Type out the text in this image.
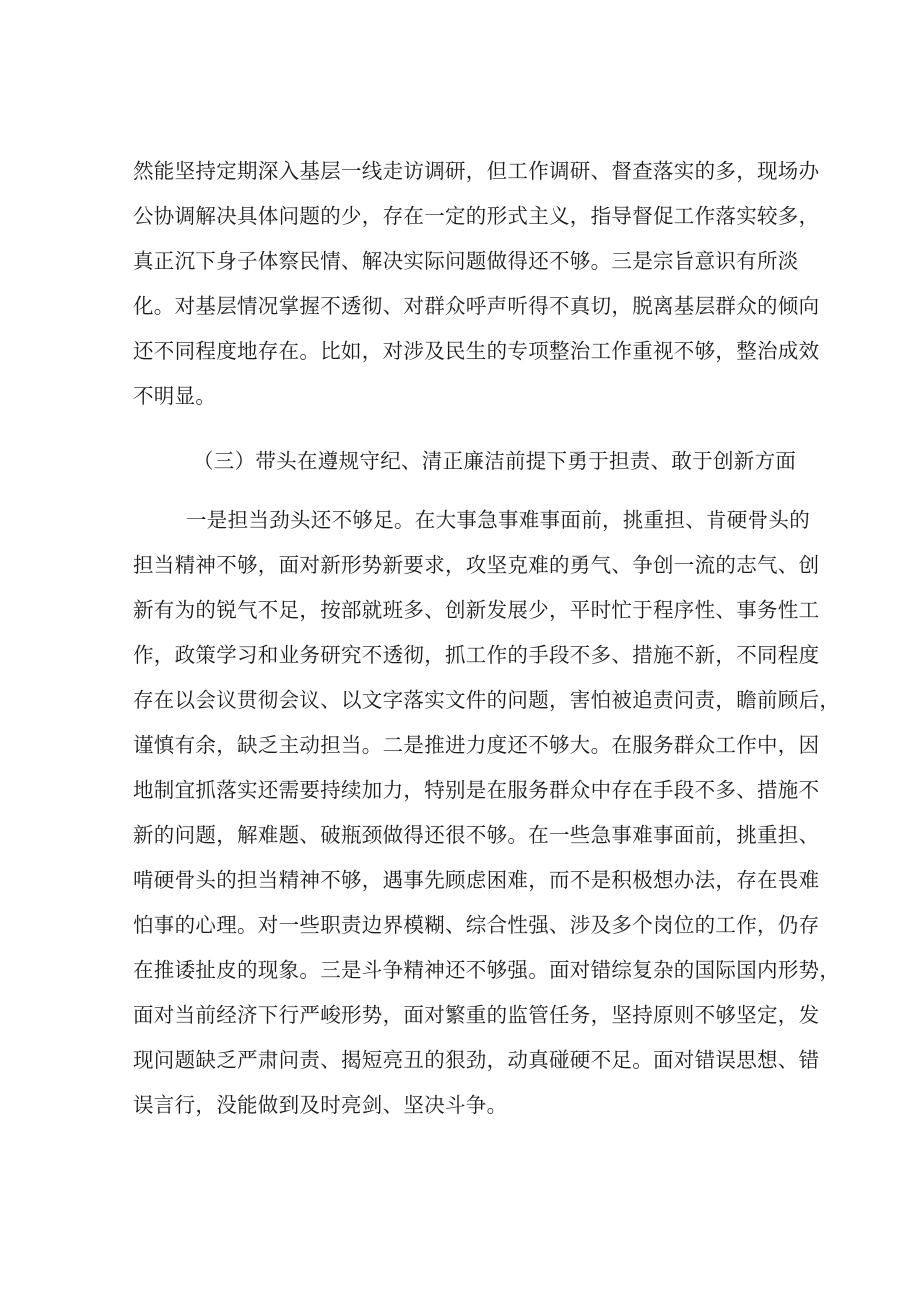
然能坚持定期深入基层一线走访调研，但工作调研、督查落实的多，现场办
公协调解决具体问题的少，存在一定的形式主义，指导督促工作落实较多，
真正沉下身子体察民情、解决实际问题做得还不够。三是宗旨意识有所淡
化。对基层情况掌握不透彻、对群众呼声听得不真切，脱离基层群众的倾向
还不同程度地存在。比如，对涉及民生的专项整治工作重视不够，整治成效
不明显。
（三）带头在遵规守纪、清正廉洁前提下勇于担责、敢于创新方面
一是担当劲头还不够足。在大事急事难事面前，挑重担、肯硬骨头的
担当精神不够，面对新形势新要求，攻坚克难的勇气、争创一流的志气、创
新有为的锐气不足，按部就班多、创新发展少，平时忙于程序性、事务性工
作，政策学习和业务研究不透彻，抓工作的手段不多、措施不新，不同程度
存在以会议贯彻会议、以文字落实文件的问题，害怕被追责问责，瞻前顾后，
谨慎有余，缺乏主动担当。二是推进力度还不够大。在服务群众工作中，因
地制宜抓落实还需要持续加力，特别是在服务群众中存在手段不多、措施不
新的问题，解难题、破瓶颈做得还很不够。在一些急事难事面前，挑重担、
啃硬骨头的担当精神不够，遇事先顾虑困难，而不是积极想办法，存在畏难
怕事的心理。对一些职责边界模糊、综合性强、涉及多个岗位的工作，仍存
在推诿扯皮的现象。三是斗争精神还不够强。面对错综复杂的国际国内形势，
面对当前经济下行严峻形势，面对繁重的监管任务，坚持原则不够坚定，发
现问题缺乏严肃问责、揭短亮丑的狠劲，动真碰硬不足。面对错误思想、错
误言行，没能做到及时亮剑、坚决斗争。
